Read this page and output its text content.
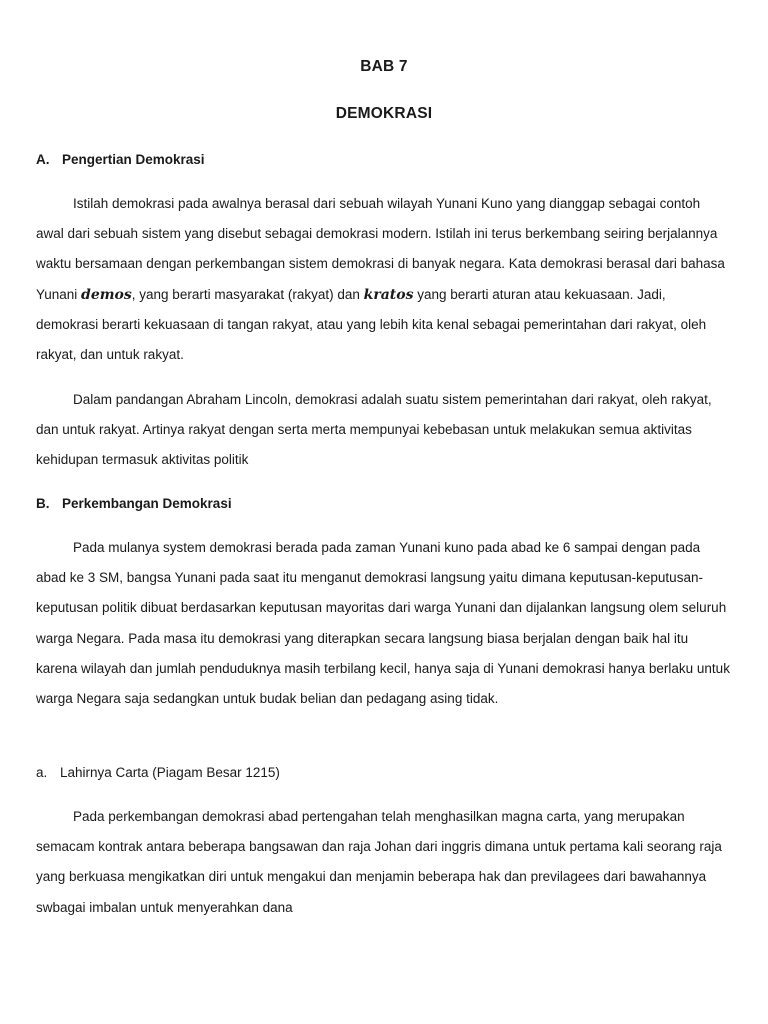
BAB 7
DEMOKRASI
A. Pengertian Demokrasi

Istilah demokrasi pada awalnya berasal dari sebuah wilayah Yunani Kuno yang dianggap sebagai contoh awal dari sebuah sistem yang disebut sebagai demokrasi modern. Istilah ini terus berkembang seiring berjalannya waktu bersamaan dengan perkembangan sistem demokrasi di banyak negara. Kata demokrasi berasal dari bahasa Yunani demos, yang berarti masyarakat (rakyat) dan kratos yang berarti aturan atau kekuasaan. Jadi, demokrasi berarti kekuasaan di tangan rakyat, atau yang lebih kita kenal sebagai pemerintahan dari rakyat, oleh rakyat, dan untuk rakyat.

Dalam pandangan Abraham Lincoln, demokrasi adalah suatu sistem pemerintahan dari rakyat, oleh rakyat, dan untuk rakyat. Artinya rakyat dengan serta merta mempunyai kebebasan untuk melakukan semua aktivitas kehidupan termasuk aktivitas politik

B. Perkembangan Demokrasi

Pada mulanya system demokrasi berada pada zaman Yunani kuno pada abad ke 6 sampai dengan pada abad ke 3 SM, bangsa Yunani pada saat itu menganut demokrasi langsung yaitu dimana keputusan-keputusan-keputusan politik dibuat berdasarkan keputusan mayoritas dari warga Yunani dan dijalankan langsung olem seluruh warga Negara. Pada masa itu demokrasi yang diterapkan secara langsung biasa berjalan dengan baik hal itu karena wilayah dan jumlah penduduknya masih terbilang kecil, hanya saja di Yunani demokrasi hanya berlaku untuk warga Negara saja sedangkan untuk budak belian dan pedagang asing tidak.

a. Lahirnya Carta (Piagam Besar 1215)

Pada perkembangan demokrasi abad pertengahan telah menghasilkan magna carta, yang merupakan semacam kontrak antara beberapa bangsawan dan raja Johan dari inggris dimana untuk pertama kali seorang raja yang berkuasa mengikatkan diri untuk mengakui dan menjamin beberapa hak dan previlagees dari bawahannya swbagai imbalan untuk menyerahkan dana
